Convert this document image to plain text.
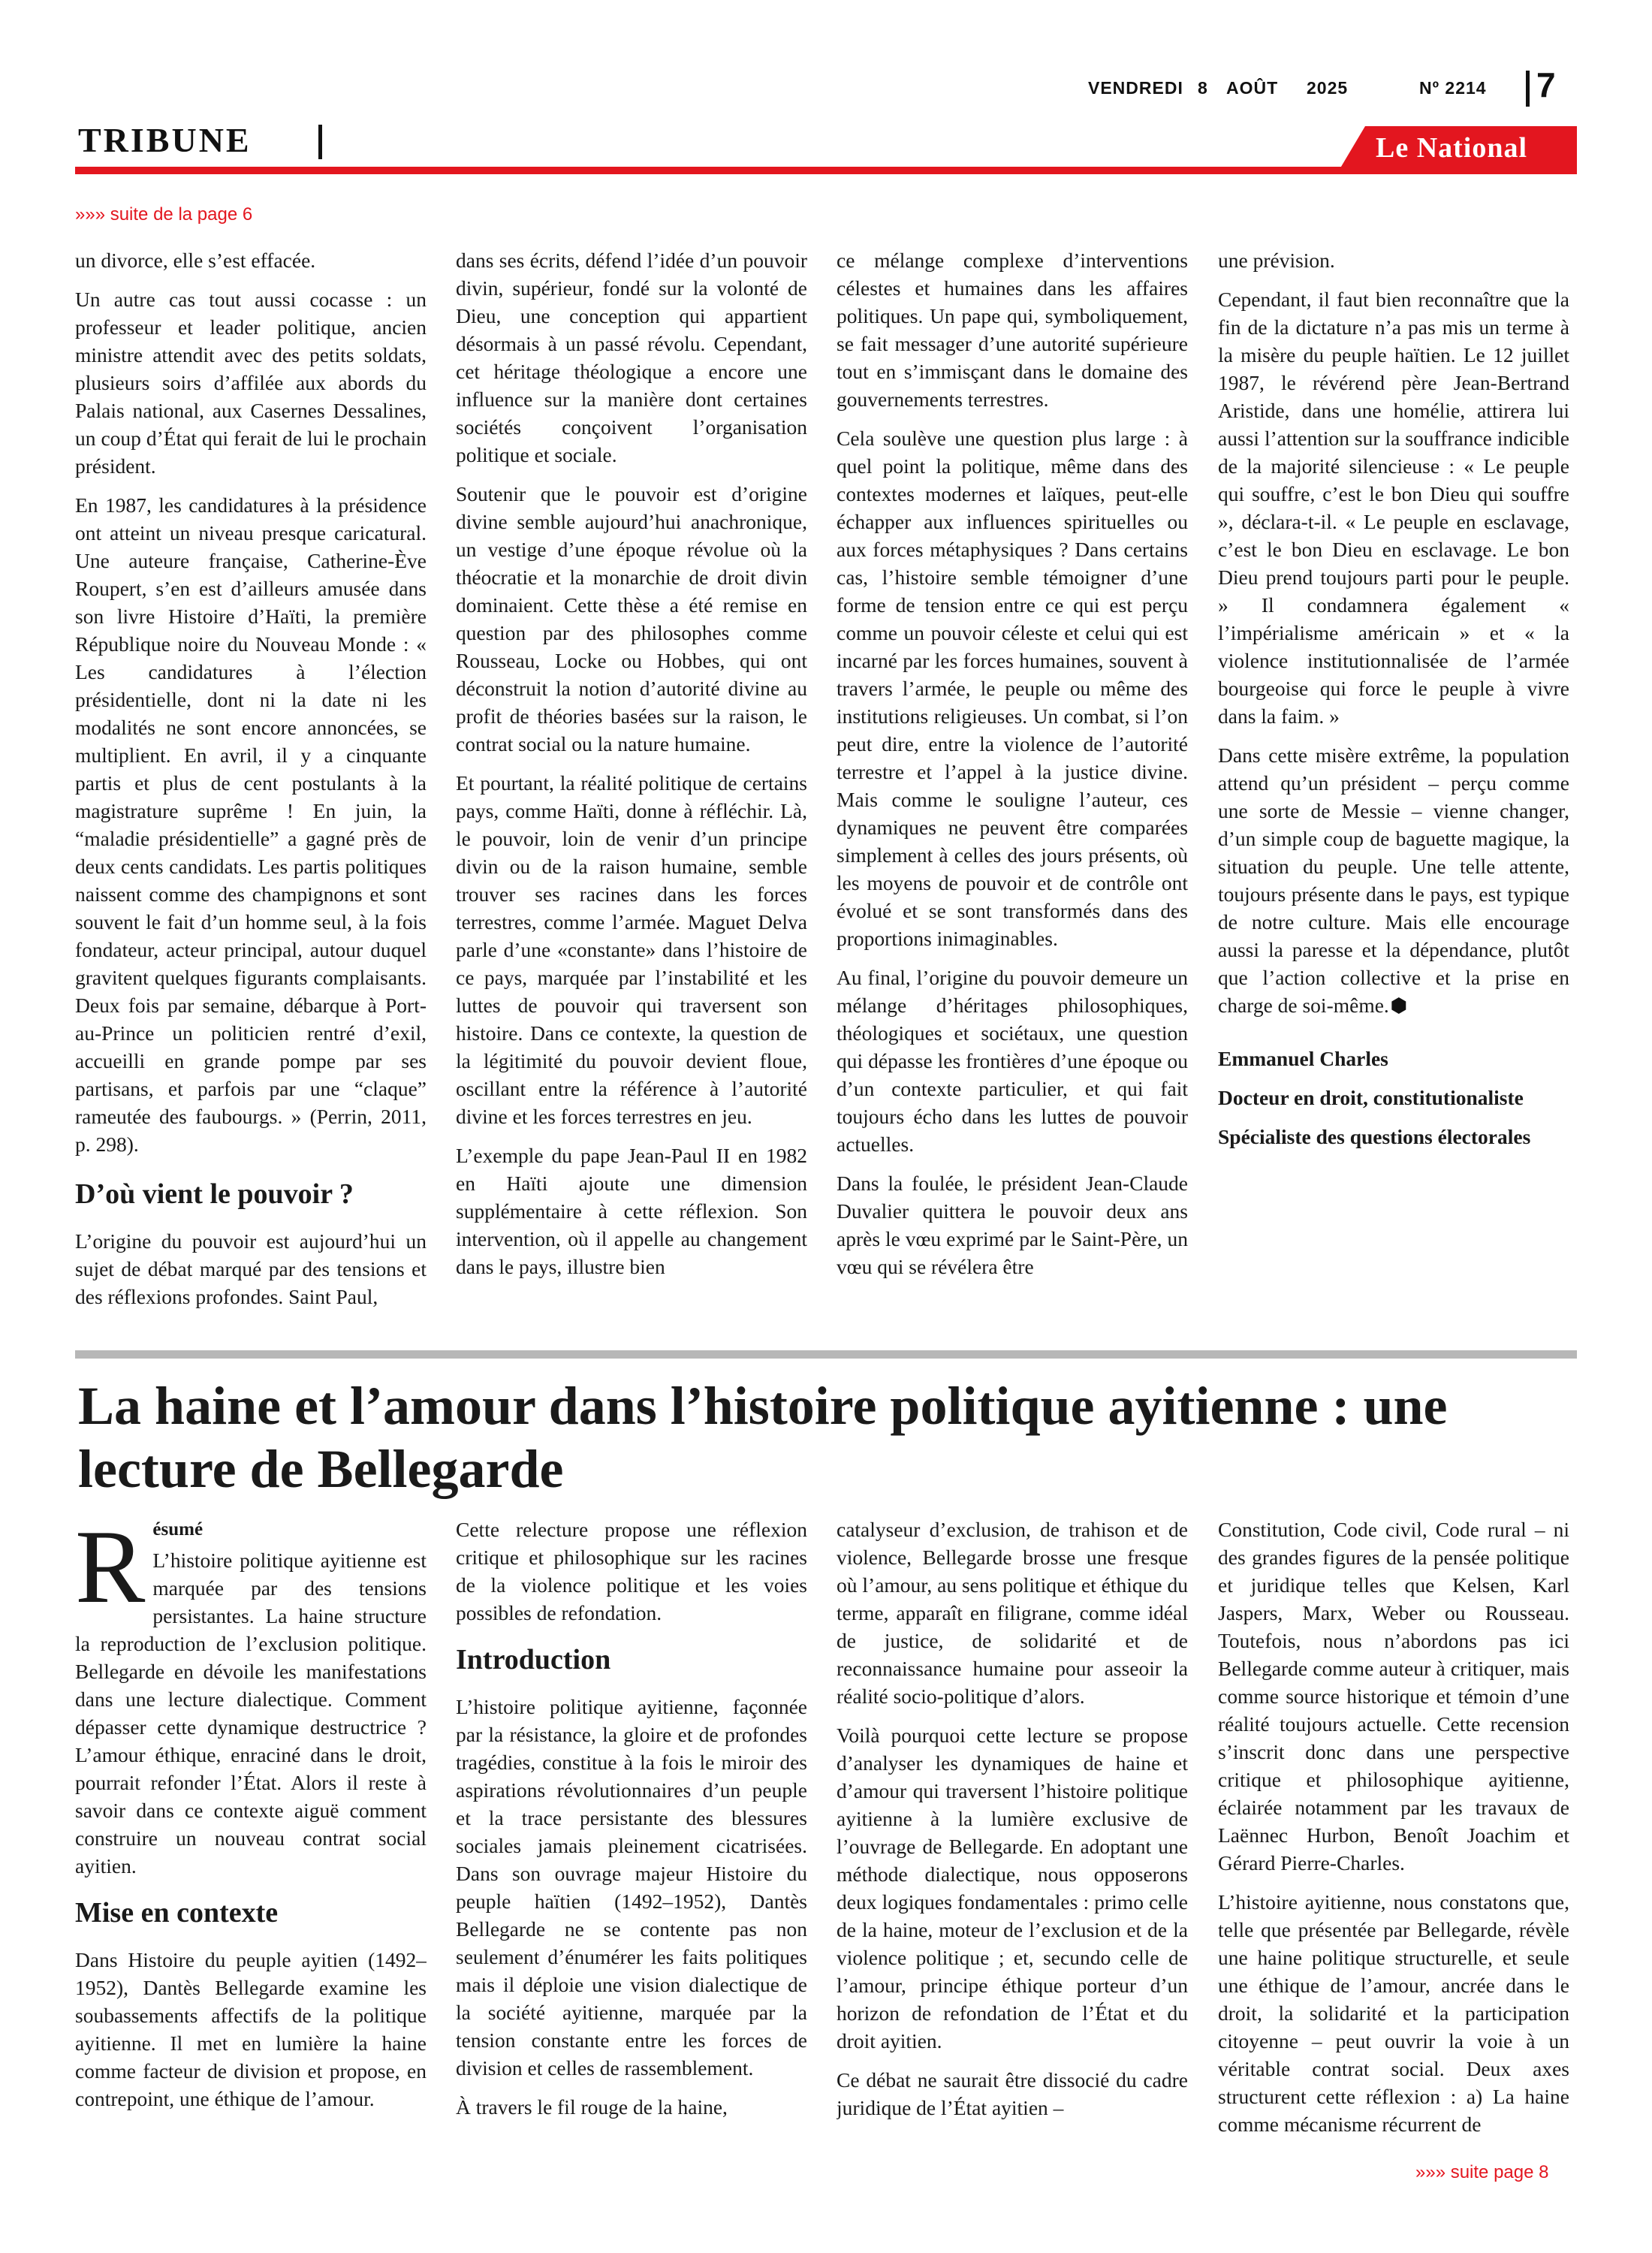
VENDREDI 8 AOÛT 2025	Nº 2214 7
TRIBUNE	Le National
»»» suite de la page 6

un divorce, elle s’est effacée.

Un autre cas tout aussi cocasse : un professeur et leader politique, ancien ministre attendit avec des petits soldats, plusieurs soirs d’affilée aux abords du Palais national, aux Casernes Dessalines, un coup d’État qui ferait de lui le prochain président.

En 1987, les candidatures à la présidence ont atteint un niveau presque caricatural. Une auteure française, Catherine-Ève Roupert, s’en est d’ailleurs amusée dans son livre Histoire d’Haïti, la première République noire du Nouveau Monde : « Les candidatures à l’élection présidentielle, dont ni la date ni les modalités ne sont encore annoncées, se multiplient. En avril, il y a cinquante partis et plus de cent postulants à la magistrature suprême ! En juin, la “maladie présidentielle” a gagné près de deux cents candidats. Les partis politiques naissent comme des champignons et sont souvent le fait d’un homme seul, à la fois fondateur, acteur principal, autour duquel gravitent quelques figurants complaisants. Deux fois par semaine, débarque à Port-au-Prince un politicien rentré d’exil, accueilli en grande pompe par ses partisans, et parfois par une “claque” rameutée des faubourgs. » (Perrin, 2011, p. 298).

D’où vient le pouvoir ?

L’origine du pouvoir est aujourd’hui un sujet de débat marqué par des tensions et des réflexions profondes. Saint Paul,

dans ses écrits, défend l’idée d’un pouvoir divin, supérieur, fondé sur la volonté de Dieu, une conception qui appartient désormais à un passé révolu. Cependant, cet héritage théologique a encore une influence sur la manière dont certaines sociétés conçoivent l’organisation politique et sociale.

Soutenir que le pouvoir est d’origine divine semble aujourd’hui anachronique, un vestige d’une époque révolue où la théocratie et la monarchie de droit divin dominaient. Cette thèse a été remise en question par des philosophes comme Rousseau, Locke ou Hobbes, qui ont déconstruit la notion d’autorité divine au profit de théories basées sur la raison, le contrat social ou la nature humaine.

Et pourtant, la réalité politique de certains pays, comme Haïti, donne à réfléchir. Là, le pouvoir, loin de venir d’un principe divin ou de la raison humaine, semble trouver ses racines dans les forces terrestres, comme l’armée. Maguet Delva parle d’une «constante» dans l’histoire de ce pays, marquée par l’instabilité et les luttes de pouvoir qui traversent son histoire. Dans ce contexte, la question de la légitimité du pouvoir devient floue, oscillant entre la référence à l’autorité divine et les forces terrestres en jeu.

L’exemple du pape Jean-Paul II en 1982 en Haïti ajoute une dimension supplémentaire à cette réflexion. Son intervention, où il appelle au changement dans le pays, illustre bien

ce mélange complexe d’interventions célestes et humaines dans les affaires politiques. Un pape qui, symboliquement, se fait messager d’une autorité supérieure tout en s’immisçant dans le domaine des gouvernements terrestres.

Cela soulève une question plus large : à quel point la politique, même dans des contextes modernes et laïques, peut-elle échapper aux influences spirituelles ou aux forces métaphysiques ? Dans certains cas, l’histoire semble témoigner d’une forme de tension entre ce qui est perçu comme un pouvoir céleste et celui qui est incarné par les forces humaines, souvent à travers l’armée, le peuple ou même des institutions religieuses. Un combat, si l’on peut dire, entre la violence de l’autorité terrestre et l’appel à la justice divine. Mais comme le souligne l’auteur, ces dynamiques ne peuvent être comparées simplement à celles des jours présents, où les moyens de pouvoir et de contrôle ont évolué et se sont transformés dans des proportions inimaginables.

Au final, l’origine du pouvoir demeure un mélange d’héritages philosophiques, théologiques et sociétaux, une question qui dépasse les frontières d’une époque ou d’un contexte particulier, et qui fait toujours écho dans les luttes de pouvoir actuelles.

Dans la foulée, le président Jean-Claude Duvalier quittera le pouvoir deux ans après le vœu exprimé par le Saint-Père, un vœu qui se révélera être

une prévision.

Cependant, il faut bien reconnaître que la fin de la dictature n’a pas mis un terme à la misère du peuple haïtien. Le 12 juillet 1987, le révérend père Jean-Bertrand Aristide, dans une homélie, attirera lui aussi l’attention sur la souffrance indicible de la majorité silencieuse : « Le peuple qui souffre, c’est le bon Dieu qui souffre », déclara-t-il. « Le peuple en esclavage, c’est le bon Dieu en esclavage. Le bon Dieu prend toujours parti pour le peuple. » Il condamnera également « l’impérialisme américain » et « la violence institutionnalisée de l’armée bourgeoise qui force le peuple à vivre dans la faim. »

Dans cette misère extrême, la population attend qu’un président – perçu comme une sorte de Messie – vienne changer, d’un simple coup de baguette magique, la situation du peuple. Une telle attente, toujours présente dans le pays, est typique de notre culture. Mais elle encourage aussi la paresse et la dépendance, plutôt que l’action collective et la prise en charge de soi-même.

Emmanuel Charles

Docteur en droit, constitutionaliste

Spécialiste des questions électorales

La haine et l’amour dans l’histoire politique ayitienne : une lecture de Bellegarde
R ésumé

L’histoire politique ayitienne est marquée par des tensions persistantes. La haine structure la reproduction de l’exclusion politique. Bellegarde en dévoile les manifestations dans une lecture dialectique. Comment dépasser cette dynamique destructrice ? L’amour éthique, enraciné dans le droit, pourrait refonder l’État. Alors il reste à savoir dans ce contexte aiguë comment construire un nouveau contrat social ayitien.

Mise en contexte

Dans Histoire du peuple ayitien (1492–1952), Dantès Bellegarde examine les soubassements affectifs de la politique ayitienne. Il met en lumière la haine comme facteur de division et propose, en contrepoint, une éthique de l’amour.

Cette relecture propose une réflexion critique et philosophique sur les racines de la violence politique et les voies possibles de refondation.

Introduction

L’histoire politique ayitienne, façonnée par la résistance, la gloire et de profondes tragédies, constitue à la fois le miroir des aspirations révolutionnaires d’un peuple et la trace persistante des blessures sociales jamais pleinement cicatrisées. Dans son ouvrage majeur Histoire du peuple haïtien (1492–1952), Dantès Bellegarde ne se contente pas non seulement d’énumérer les faits politiques mais il déploie une vision dialectique de la société ayitienne, marquée par la tension constante entre les forces de division et celles de rassemblement.

À travers le fil rouge de la haine,

catalyseur d’exclusion, de trahison et de violence, Bellegarde brosse une fresque où l’amour, au sens politique et éthique du terme, apparaît en filigrane, comme idéal de justice, de solidarité et de reconnaissance humaine pour asseoir la réalité socio-politique d’alors.

Voilà pourquoi cette lecture se propose d’analyser les dynamiques de haine et d’amour qui traversent l’histoire politique ayitienne à la lumière exclusive de l’ouvrage de Bellegarde. En adoptant une méthode dialectique, nous opposerons deux logiques fondamentales : primo celle de la haine, moteur de l’exclusion et de la violence politique ; et, secundo celle de l’amour, principe éthique porteur d’un horizon de refondation de l’État et du droit ayitien.

Ce débat ne saurait être dissocié du cadre juridique de l’État ayitien –

Constitution, Code civil, Code rural – ni des grandes figures de la pensée politique et juridique telles que Kelsen, Karl Jaspers, Marx, Weber ou Rousseau. Toutefois, nous n’abordons pas ici Bellegarde comme auteur à critiquer, mais comme source historique et témoin d’une réalité toujours actuelle. Cette recension s’inscrit donc dans une perspective critique et philosophique ayitienne, éclairée notamment par les travaux de Laënnec Hurbon, Benoît Joachim et Gérard Pierre-Charles.

L’histoire ayitienne, nous constatons que, telle que présentée par Bellegarde, révèle une haine politique structurelle, et seule une éthique de l’amour, ancrée dans le droit, la solidarité et la participation citoyenne – peut ouvrir la voie à un véritable contrat social. Deux axes structurent cette réflexion : a) La haine comme mécanisme récurrent de

»»» suite page 8
